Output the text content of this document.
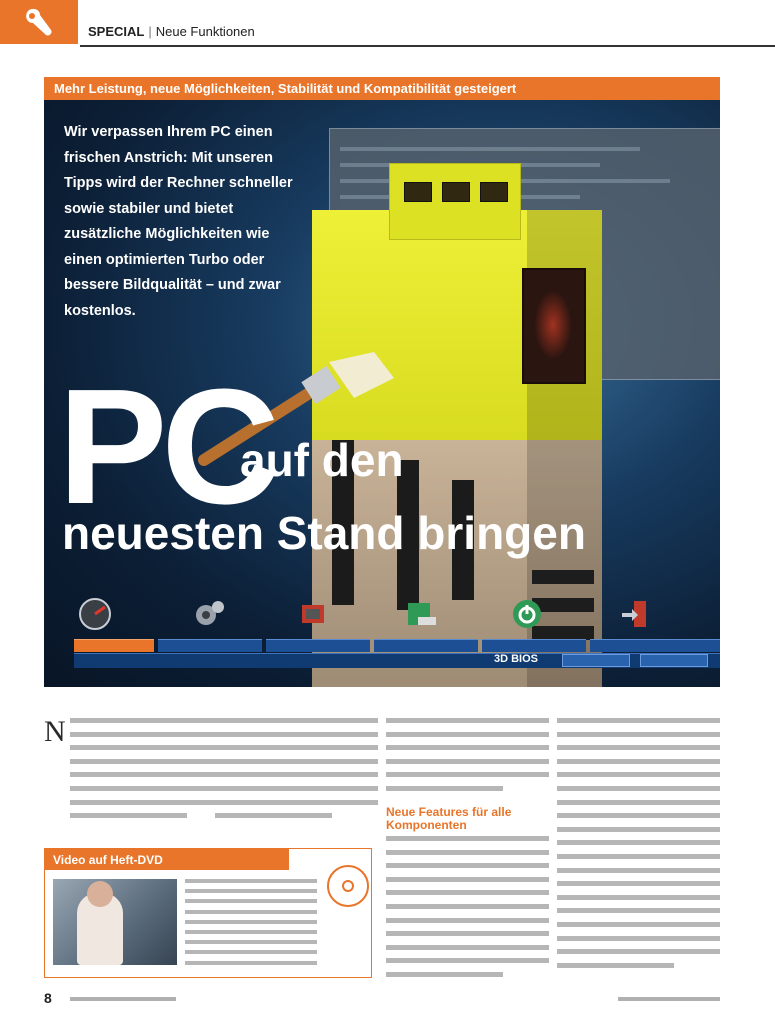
SPECIAL | Neue Funktionen
Mehr Leistung, neue Möglichkeiten, Stabilität und Kompatibilität gesteigert
Wir verpassen Ihrem PC einen frischen Anstrich: Mit unseren Tipps wird der Rechner schneller sowie stabiler und bietet zusätzliche Möglichkeiten wie einen optimierten Turbo oder bessere Bildqualität – und zwar kostenlos.
PC
auf den
neuesten Stand bringen
3D BIOS
N
Neue Features für alle Komponenten
Video auf Heft-DVD
8
